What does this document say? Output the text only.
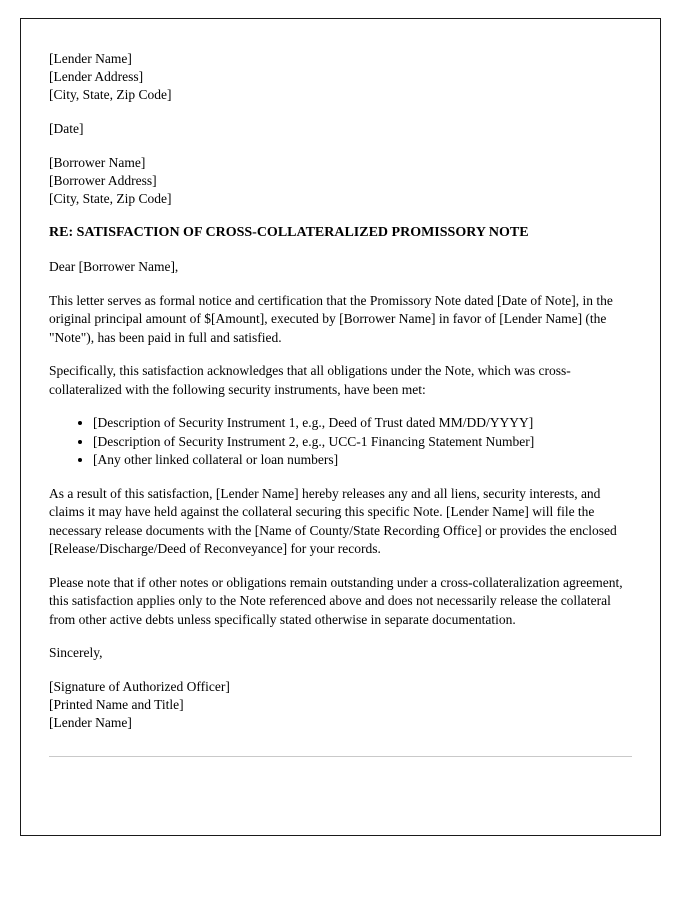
[Lender Name]
[Lender Address]
[City, State, Zip Code]
[Date]
[Borrower Name]
[Borrower Address]
[City, State, Zip Code]
RE: SATISFACTION OF CROSS-COLLATERALIZED PROMISSORY NOTE
Dear [Borrower Name],
This letter serves as formal notice and certification that the Promissory Note dated [Date of Note], in the original principal amount of $[Amount], executed by [Borrower Name] in favor of [Lender Name] (the "Note"), has been paid in full and satisfied.
Specifically, this satisfaction acknowledges that all obligations under the Note, which was cross-collateralized with the following security instruments, have been met:
• [Description of Security Instrument 1, e.g., Deed of Trust dated MM/DD/YYYY]
• [Description of Security Instrument 2, e.g., UCC-1 Financing Statement Number]
• [Any other linked collateral or loan numbers]
As a result of this satisfaction, [Lender Name] hereby releases any and all liens, security interests, and claims it may have held against the collateral securing this specific Note. [Lender Name] will file the necessary release documents with the [Name of County/State Recording Office] or provides the enclosed [Release/Discharge/Deed of Reconveyance] for your records.
Please note that if other notes or obligations remain outstanding under a cross-collateralization agreement, this satisfaction applies only to the Note referenced above and does not necessarily release the collateral from other active debts unless specifically stated otherwise in separate documentation.
Sincerely,
[Signature of Authorized Officer]
[Printed Name and Title]
[Lender Name]
